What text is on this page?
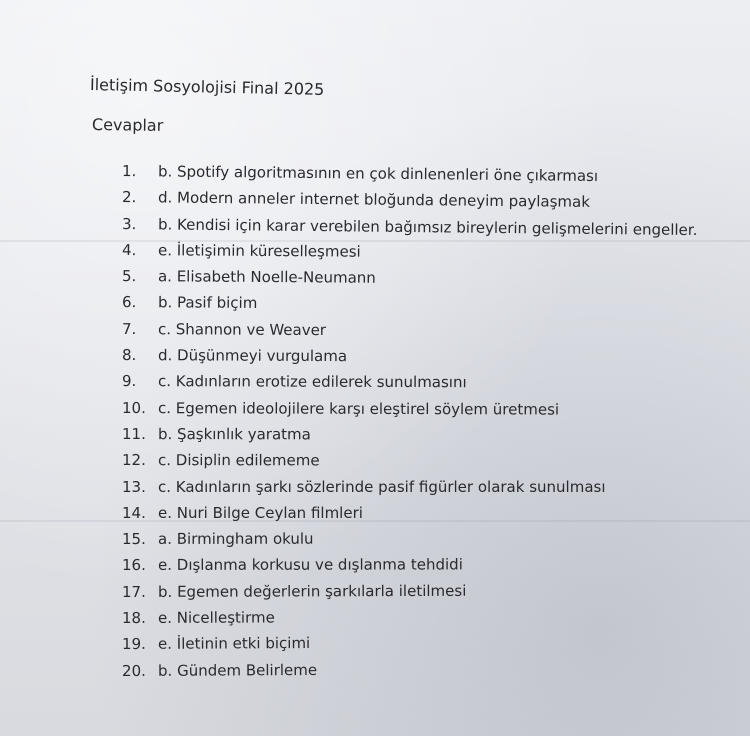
İletişim Sosyolojisi Final 2025
Cevaplar
1. b. Spotify algoritmasının en çok dinlenenleri öne çıkarması
2. d. Modern anneler internet bloğunda deneyim paylaşmak
3. b. Kendisi için karar verebilen bağımsız bireylerin gelişmelerini engeller.
4. e. İletişimin küreselleşmesi
5. a. Elisabeth Noelle-Neumann
6. b. Pasif biçim
7. c. Shannon ve Weaver
8. d. Düşünmeyi vurgulama
9. c. Kadınların erotize edilerek sunulmasını
10. c. Egemen ideolojilere karşı eleştirel söylem üretmesi
11. b. Şaşkınlık yaratma
12. c. Disiplin edilememe
13. c. Kadınların şarkı sözlerinde pasif figürler olarak sunulması
14. e. Nuri Bilge Ceylan filmleri
15. a. Birmingham okulu
16. e. Dışlanma korkusu ve dışlanma tehdidi
17. b. Egemen değerlerin şarkılarla iletilmesi
18. e. Nicelleştirme
19. e. İletinin etki biçimi
20. b. Gündem Belirleme
